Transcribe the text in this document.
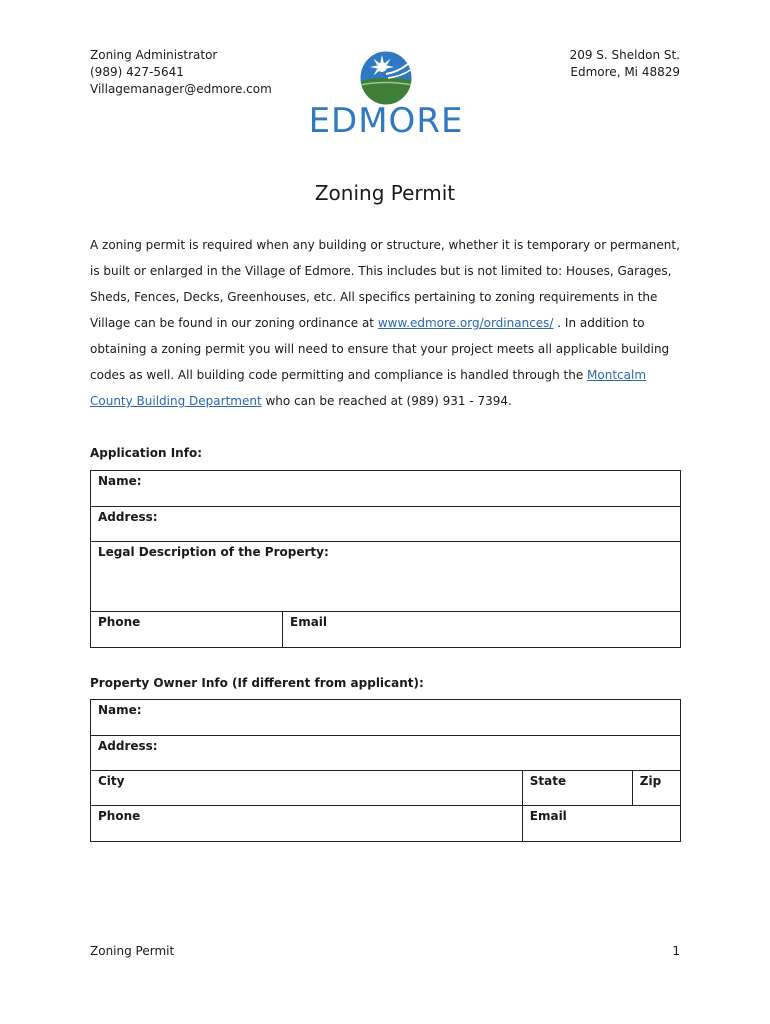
Zoning Administrator
(989) 427-5641
Villagemanager@edmore.com
209 S. Sheldon St.
Edmore, Mi 48829
EDMORE
Zoning Permit

A zoning permit is required when any building or structure, whether it is temporary or permanent, is built or enlarged in the Village of Edmore. This includes but is not limited to: Houses, Garages, Sheds, Fences, Decks, Greenhouses, etc. All specifics pertaining to zoning requirements in the Village can be found in our zoning ordinance at www.edmore.org/ordinances/ . In addition to obtaining a zoning permit you will need to ensure that your project meets all applicable building codes as well. All building code permitting and compliance is handled through the Montcalm County Building Department who can be reached at (989) 931 - 7394.

Application Info:
Name:
Address:
Legal Description of the Property:
Phone	Email
Property Owner Info (If different from applicant):
Name:		
Address:		
City	State	Zip
Phone	Email	
Zoning Permit	1
